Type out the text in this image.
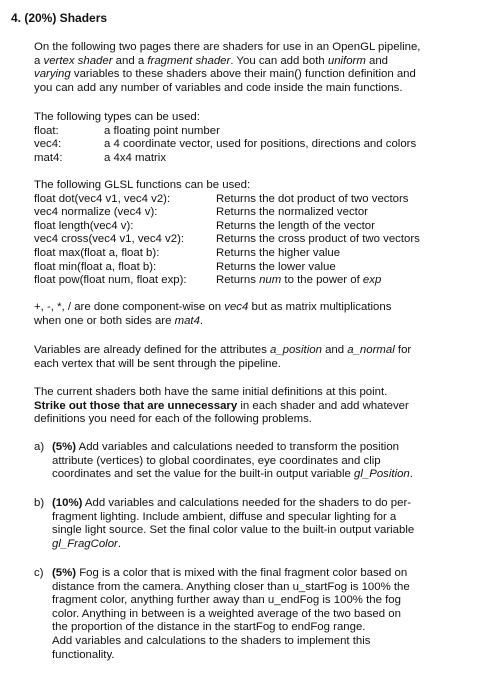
4. (20%) Shaders
On the following two pages there are shaders for use in an OpenGL pipeline,
a vertex shader and a fragment shader. You can add both uniform and
varying variables to these shaders above their main() function definition and
you can add any number of variables and code inside the main functions.
The following types can be used:
float:	a floating point number
vec4:	a 4 coordinate vector, used for positions, directions and colors
mat4:	a 4x4 matrix
The following GLSL functions can be used:
float dot(vec4 v1, vec4 v2):	Returns the dot product of two vectors
vec4 normalize (vec4 v):	Returns the normalized vector
float length(vec4 v):	Returns the length of the vector
vec4 cross(vec4 v1, vec4 v2):	Returns the cross product of two vectors
float max(float a, float b):	Returns the higher value
float min(float a, float b):	Returns the lower value
float pow(float num, float exp):	Returns num to the power of exp
+, -, *, / are done component-wise on vec4 but as matrix multiplications
when one or both sides are mat4.
Variables are already defined for the attributes a_position and a_normal for
each vertex that will be sent through the pipeline.
The current shaders both have the same initial definitions at this point.
Strike out those that are unnecessary in each shader and add whatever
definitions you need for each of the following problems.
a) (5%) Add variables and calculations needed to transform the position
attribute (vertices) to global coordinates, eye coordinates and clip
coordinates and set the value for the built-in output variable gl_Position.
b) (10%) Add variables and calculations needed for the shaders to do per-
fragment lighting. Include ambient, diffuse and specular lighting for a
single light source. Set the final color value to the built-in output variable
gl_FragColor.
c) (5%) Fog is a color that is mixed with the final fragment color based on
distance from the camera. Anything closer than u_startFog is 100% the
fragment color, anything further away than u_endFog is 100% the fog
color. Anything in between is a weighted average of the two based on
the proportion of the distance in the startFog to endFog range.
Add variables and calculations to the shaders to implement this
functionality.
